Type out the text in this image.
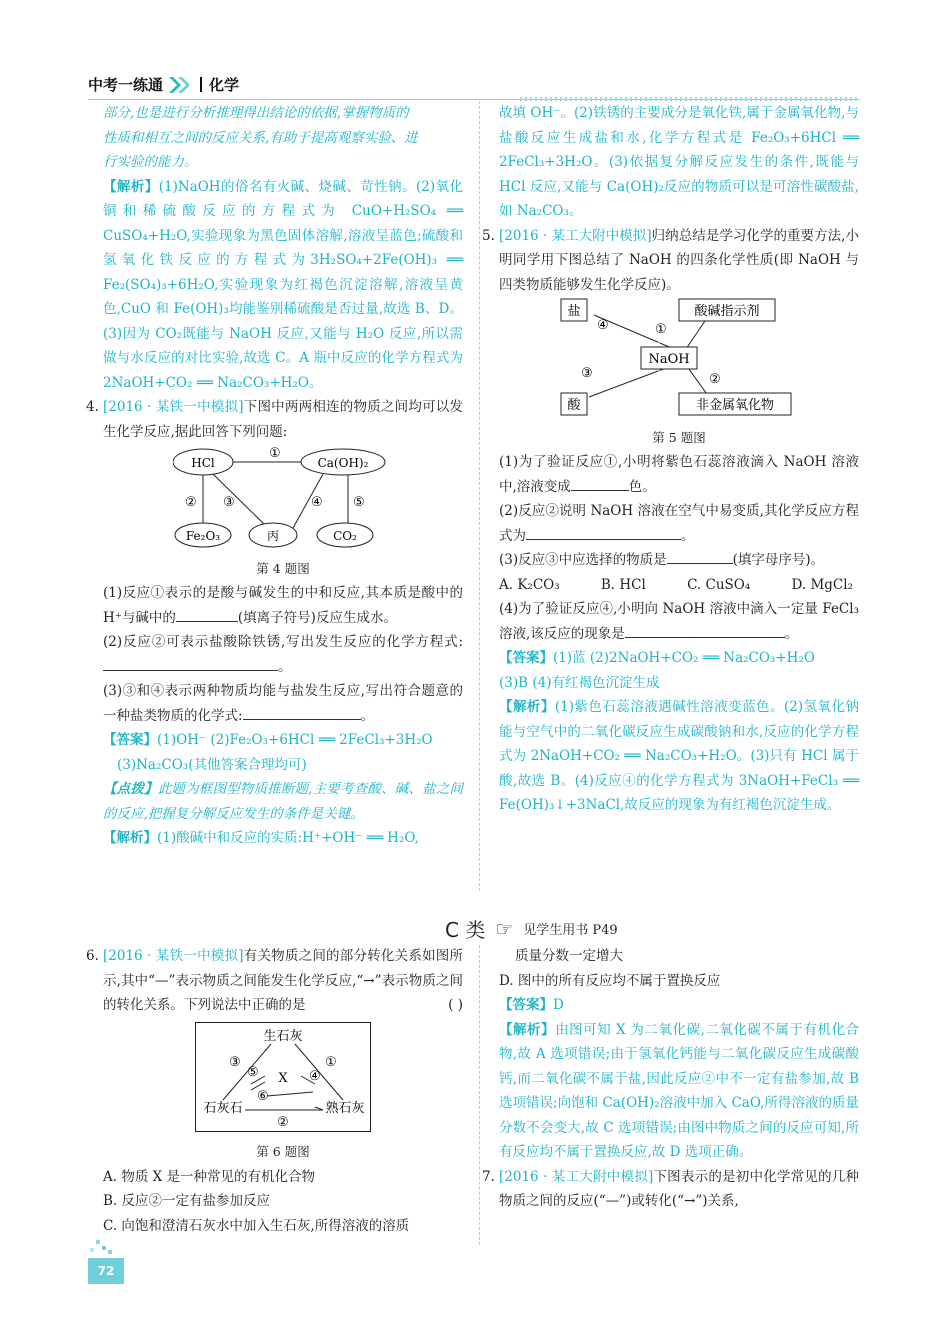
中考一练通	化学

部分,也是进行分析推理得出结论的依据,掌握物质的

性质和相互之间的反应关系,有助于提高观察实验、进

行实验的能力。

【解析】(1)NaOH的俗名有火碱、烧碱、苛性钠。(2)氧化铜和稀硫酸反应的方程式为 CuO+H₂SO₄ ══ CuSO₄+H₂O,实验现象为黑色固体溶解,溶液呈蓝色;硫酸和氢氧化铁反应的方程式为3H₂SO₄+2Fe(OH)₃ ══ Fe₂(SO₄)₃+6H₂O,实验现象为红褐色沉淀溶解,溶液呈黄色,CuO 和 Fe(OH)₃均能鉴别稀硫酸是否过量,故选 B、D。(3)因为 CO₂既能与 NaOH 反应,又能与 H₂O 反应,所以需做与水反应的对比实验,故选 C。A 瓶中反应的化学方程式为 2NaOH+CO₂ ══ Na₂CO₃+H₂O。

4. [2016 · 某铁一中模拟]下图中两两相连的物质之间均可以发生化学反应,据此回答下列问题:

HCl	Ca(OH)₂
Fe₂O₃	丙	CO₂
①
② ③	④ ⑤
第 4 题图

(1)反应①表示的是酸与碱发生的中和反应,其本质是酸中的 H⁺与碱中的	(填离子符号)反应生成水。

(2)反应②可表示盐酸除铁锈,写出发生反应的化学方程式:。

(3)③和④表示两种物质均能与盐发生反应,写出符合题意的一种盐类物质的化学式:	。

【答案】(1)OH⁻ (2)Fe₂O₃+6HCl ══ 2FeCl₃+3H₂O

(3)Na₂CO₃(其他答案合理均可)

【点拨】此题为框图型物质推断题,主要考查酸、碱、盐之间的反应,把握复分解反应发生的条件是关键。

【解析】(1)酸碱中和反应的实质:H⁺+OH⁻ ══ H₂O,

故填 OH⁻。(2)铁锈的主要成分是氧化铁,属于金属氧化物,与盐酸反应生成盐和水,化学方程式是 Fe₂O₃+6HCl ══ 2FeCl₃+3H₂O。(3)依据复分解反应发生的条件,既能与 HCl 反应,又能与 Ca(OH)₂反应的物质可以是可溶性碳酸盐,如 Na₂CO₃。

5. [2016 · 某工大附中模拟]归纳总结是学习化学的重要方法,小明同学用下图总结了 NaOH 的四条化学性质(即 NaOH 与四类物质能够发生化学反应)。

盐	酸碱指示剂
NaOH
酸	非金属氧化物
①
②
③
④
第 5 题图

(1)为了验证反应①,小明将紫色石蕊溶液滴入 NaOH 溶液中,溶液变成	色。

(2)反应②说明 NaOH 溶液在空气中易变质,其化学反应方程式为	。

(3)反应③中应选择的物质是	(填字母序号)。

A. K₂CO₃	B. HCl	C. CuSO₄	D. MgCl₂

(4)为了验证反应④,小明向 NaOH 溶液中滴入一定量 FeCl₃溶液,该反应的现象是	。

【答案】(1)蓝 (2)2NaOH+CO₂ ══ Na₂CO₃+H₂O

(3)B (4)有红褐色沉淀生成

【解析】(1)紫色石蕊溶液遇碱性溶液变蓝色。(2)氢氧化钠能与空气中的二氧化碳反应生成碳酸钠和水,反应的化学方程式为 2NaOH+CO₂ ══ Na₂CO₃+H₂O。(3)只有 HCl 属于酸,故选 B。(4)反应④的化学方程式为 3NaOH+FeCl₃ ══ Fe(OH)₃↓+3NaCl,故反应的现象为有红褐色沉淀生成。

C 类 ☞ 见学生用书 P49
6. [2016 · 某铁一中模拟]有关物质之间的部分转化关系如图所示,其中“—”表示物质之间能发生化学反应,“→”表示物质之间的转化关系。下列说法中正确的是	( )

生石灰
石灰石	熟石灰
X
①
②
③
④
⑤
⑥
第 6 题图

A. 物质 X 是一种常见的有机化合物

B. 反应②一定有盐参加反应

C. 向饱和澄清石灰水中加入生石灰,所得溶液的溶质

质量分数一定增大

D. 图中的所有反应均不属于置换反应

【答案】D

【解析】由图可知 X 为二氧化碳,二氧化碳不属于有机化合物,故 A 选项错误;由于氢氧化钙能与二氧化碳反应生成碳酸钙,而二氧化碳不属于盐,因此反应②中不一定有盐参加,故 B 选项错误;向饱和 Ca(OH)₂溶液中加入 CaO,所得溶液的质量分数不会变大,故 C 选项错误;由图中物质之间的反应可知,所有反应均不属于置换反应,故 D 选项正确。

7. [2016 · 某工大附中模拟]下图表示的是初中化学常见的几种物质之间的反应(“—”)或转化(“→”)关系,

72
